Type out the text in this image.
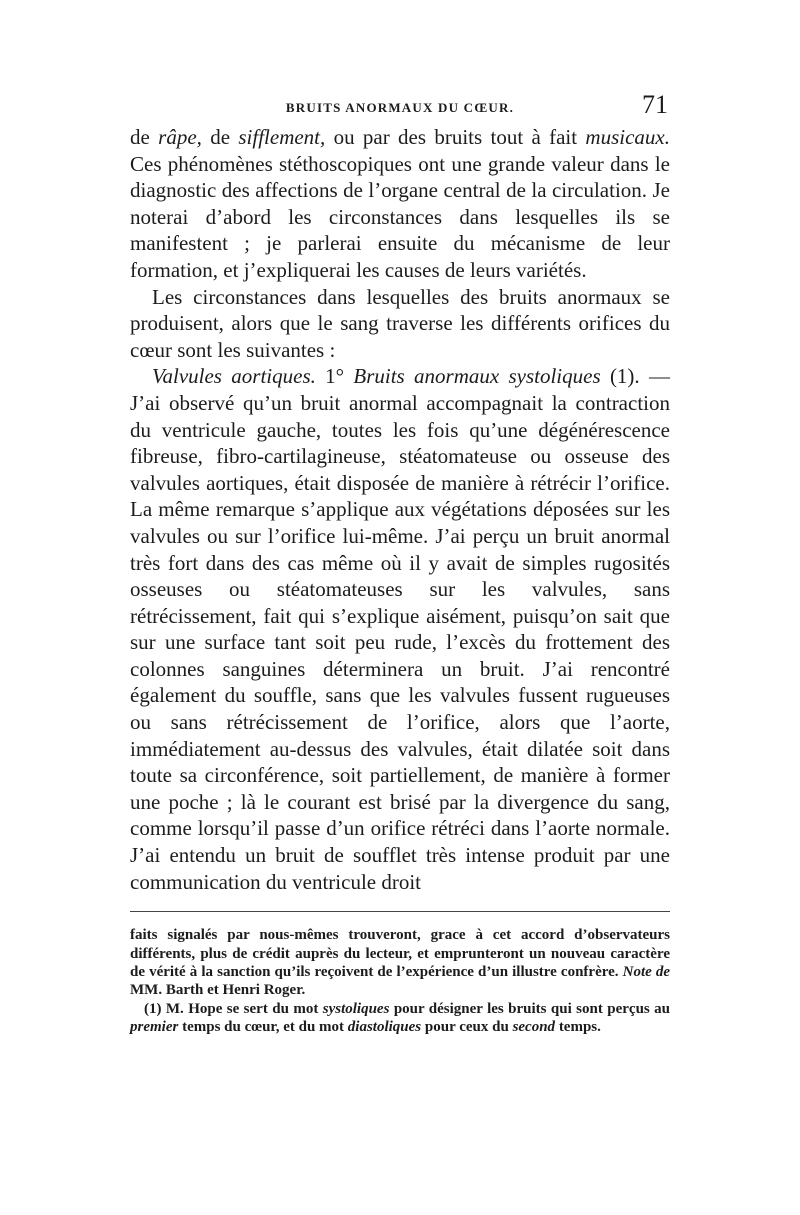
BRUITS ANORMAUX DU CŒUR.	71

de râpe, de sifflement, ou par des bruits tout à fait musicaux. Ces phénomènes stéthoscopiques ont une grande valeur dans le diagnostic des affections de l’organe central de la circulation. Je noterai d’abord les circonstances dans lesquelles ils se manifestent ; je parlerai ensuite du mécanisme de leur formation, et j’expliquerai les causes de leurs variétés.

Les circonstances dans lesquelles des bruits anormaux se produisent, alors que le sang traverse les différents orifices du cœur sont les suivantes :

Valvules aortiques. 1° Bruits anormaux systoliques (1). — J’ai observé qu’un bruit anormal accompagnait la contraction du ventricule gauche, toutes les fois qu’une dégénérescence fibreuse, fibro-cartilagineuse, stéatomateuse ou osseuse des valvules aortiques, était disposée de manière à rétrécir l’orifice. La même remarque s’applique aux végétations déposées sur les valvules ou sur l’orifice lui-même. J’ai perçu un bruit anormal très fort dans des cas même où il y avait de simples rugosités osseuses ou stéatomateuses sur les valvules, sans rétrécissement, fait qui s’explique aisément, puisqu’on sait que sur une surface tant soit peu rude, l’excès du frottement des colonnes sanguines déterminera un bruit. J’ai rencontré également du souffle, sans que les valvules fussent rugueuses ou sans rétrécissement de l’orifice, alors que l’aorte, immédiatement au-dessus des valvules, était dilatée soit dans toute sa circonférence, soit partiellement, de manière à former une poche ; là le courant est brisé par la divergence du sang, comme lorsqu’il passe d’un orifice rétréci dans l’aorte normale. J’ai entendu un bruit de soufflet très intense produit par une communication du ventricule droit

faits signalés par nous-mêmes trouveront, grace à cet accord d’observateurs différents, plus de crédit auprès du lecteur, et emprunteront un nouveau caractère de vérité à la sanction qu’ils reçoivent de l’expérience d’un illustre confrère. Note de MM. Barth et Henri Roger.

(1) M. Hope se sert du mot systoliques pour désigner les bruits qui sont perçus au premier temps du cœur, et du mot diastoliques pour ceux du second temps.
